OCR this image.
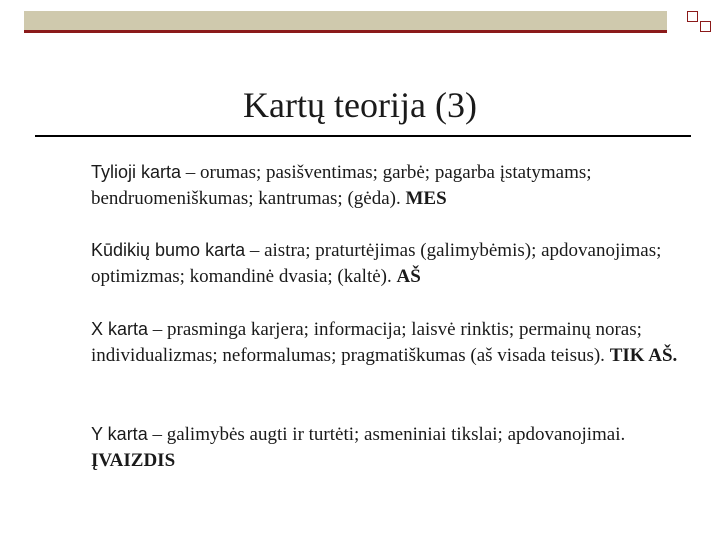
Kartų teorija (3)

Tylioji karta – orumas; pasišventimas; garbė; pagarba įstatymams; bendruomeniškumas; kantrumas; (gėda). MES

Kūdikių bumo karta – aistra; praturtėjimas (galimybėmis); apdovanojimas; optimizmas; komandinė dvasia; (kaltė). AŠ

X karta – prasminga karjera; informacija; laisvė rinktis; permainų noras; individualizmas; neformalumas; pragmatiškumas (aš visada teisus). TIK AŠ.

Y karta – galimybės augti ir turtėti; asmeniniai tikslai; apdovanojimai. ĮVAIZDIS
